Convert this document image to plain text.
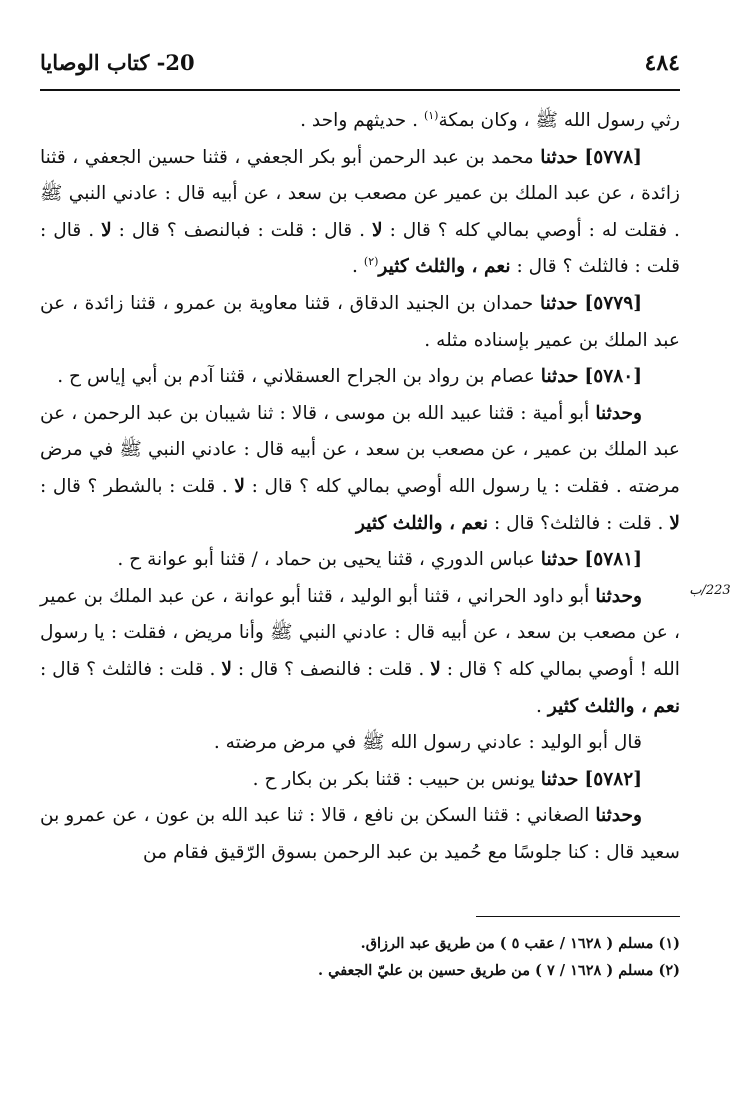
20- كتاب الوصايا	٤٨٤
223/ب

رثي رسول الله ﷺ ، وكان بمكة$^{(١)}$ . حديثهم واحد .

[٥٧٧٨] حدثنا محمد بن عبد الرحمن أبو بكر الجعفي ، قثنا حسين الجعفي ، قثنا زائدة ، عن عبد الملك بن عمير عن مصعب بن سعد ، عن أبيه قال : عادني النبي ﷺ . فقلت له : أوصي بمالي كله ؟ قال : لا . قال : قلت : فبالنصف ؟ قال : لا . قال : قلت : فالثلث ؟ قال : نعم ، والثلث كثير$^{(٢)}$ .

[٥٧٧٩] حدثنا حمدان بن الجنيد الدقاق ، قثنا معاوية بن عمرو ، قثنا زائدة ، عن عبد الملك بن عمير بإسناده مثله .

[٥٧٨٠] حدثنا عصام بن رواد بن الجراح العسقلاني ، قثنا آدم بن أبي إياس ح .

وحدثنا أبو أمية : قثنا عبيد الله بن موسى ، قالا : ثنا شيبان بن عبد الرحمن ، عن عبد الملك بن عمير ، عن مصعب بن سعد ، عن أبيه قال : عادني النبي ﷺ في مرض مرضته . فقلت : يا رسول الله أوصي بمالي كله ؟ قال : لا . قلت : بالشطر ؟ قال : لا . قلت : فالثلث؟ قال : نعم ، والثلث كثير

[٥٧٨١] حدثنا عباس الدوري ، قثنا يحيى بن حماد ، / قثنا أبو عوانة ح .

وحدثنا أبو داود الحراني ، قثنا أبو الوليد ، قثنا أبو عوانة ، عن عبد الملك بن عمير ، عن مصعب بن سعد ، عن أبيه قال : عادني النبي ﷺ وأنا مريض ، فقلت : يا رسول الله ! أوصي بمالي كله ؟ قال : لا . قلت : فالنصف ؟ قال : لا . قلت : فالثلث ؟ قال : نعم ، والثلث كثير .

قال أبو الوليد : عادني رسول الله ﷺ في مرض مرضته .

[٥٧٨٢] حدثنا يونس بن حبيب : قثنا بكر بن بكار ح .

وحدثنا الصغاني : قثنا السكن بن نافع ، قالا : ثنا عبد الله بن عون ، عن عمرو بن سعيد قال : كنا جلوسًا مع حُميد بن عبد الرحمن بسوق الرّقيق فقام من

(١) مسلم ( ١٦٢٨ / عقب ٥ ) من طريق عبد الرزاق.

(٢) مسلم ( ١٦٢٨ / ٧ ) من طريق حسين بن عليّ الجعفي .
